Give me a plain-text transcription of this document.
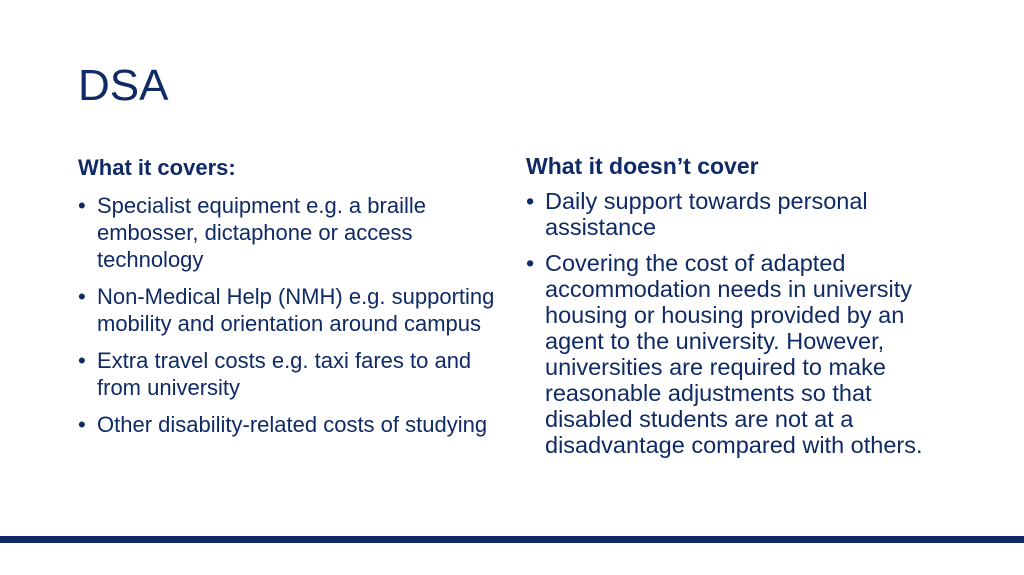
DSA
What it covers:
• Specialist equipment e.g. a braille embosser, dictaphone or access technology
• Non-Medical Help (NMH) e.g. supporting mobility and orientation around campus
• Extra travel costs e.g. taxi fares to and from university
• Other disability-related costs of studying
What it doesn’t cover
• Daily support towards personal assistance
• Covering the cost of adapted accommodation needs in university housing or housing provided by an agent to the university. However, universities are required to make reasonable adjustments so that disabled students are not at a disadvantage compared with others.
